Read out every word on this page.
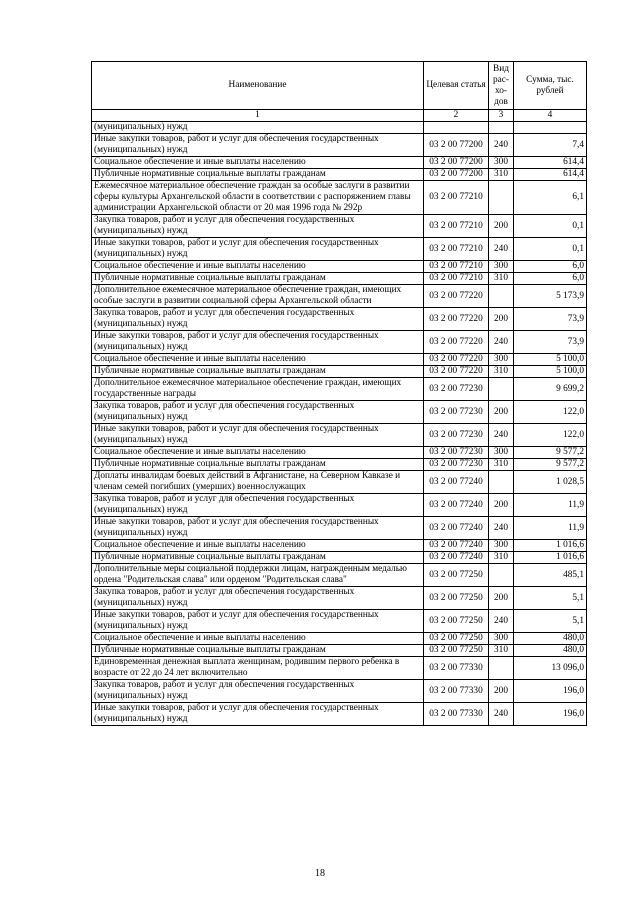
Наименование	Целевая статья	Вид рас-хо-дов	Сумма, тыс. рублей
1	2	3	4
(муниципальных) нужд			
Иные закупки товаров, работ и услуг для обеспечения государственных (муниципальных) нужд	03 2 00 77200	240	7,4
Социальное обеспечение и иные выплаты населению	03 2 00 77200	300	614,4
Публичные нормативные социальные выплаты гражданам	03 2 00 77200	310	614,4
Ежемесячное материальное обеспечение граждан за особые заслуги в развитии сферы культуры Архангельской области в соответствии с распоряжением главы администрации Архангельской области от 20 мая 1996 года № 292р	03 2 00 77210		6,1
Закупка товаров, работ и услуг для обеспечения государственных (муниципальных) нужд	03 2 00 77210	200	0,1
Иные закупки товаров, работ и услуг для обеспечения государственных (муниципальных) нужд	03 2 00 77210	240	0,1
Социальное обеспечение и иные выплаты населению	03 2 00 77210	300	6,0
Публичные нормативные социальные выплаты гражданам	03 2 00 77210	310	6,0
Дополнительное ежемесячное материальное обеспечение граждан, имеющих особые заслуги в развитии социальной сферы Архангельской области	03 2 00 77220		5 173,9
Закупка товаров, работ и услуг для обеспечения государственных (муниципальных) нужд	03 2 00 77220	200	73,9
Иные закупки товаров, работ и услуг для обеспечения государственных (муниципальных) нужд	03 2 00 77220	240	73,9
Социальное обеспечение и иные выплаты населению	03 2 00 77220	300	5 100,0
Публичные нормативные социальные выплаты гражданам	03 2 00 77220	310	5 100,0
Дополнительное ежемесячное материальное обеспечение граждан, имеющих государственные награды	03 2 00 77230		9 699,2
Закупка товаров, работ и услуг для обеспечения государственных (муниципальных) нужд	03 2 00 77230	200	122,0
Иные закупки товаров, работ и услуг для обеспечения государственных (муниципальных) нужд	03 2 00 77230	240	122,0
Социальное обеспечение и иные выплаты населению	03 2 00 77230	300	9 577,2
Публичные нормативные социальные выплаты гражданам	03 2 00 77230	310	9 577,2
Доплаты инвалидам боевых действий в Афганистане, на Северном Кавказе и членам семей погибших (умерших) военнослужащих	03 2 00 77240		1 028,5
Закупка товаров, работ и услуг для обеспечения государственных (муниципальных) нужд	03 2 00 77240	200	11,9
Иные закупки товаров, работ и услуг для обеспечения государственных (муниципальных) нужд	03 2 00 77240	240	11,9
Социальное обеспечение и иные выплаты населению	03 2 00 77240	300	1 016,6
Публичные нормативные социальные выплаты гражданам	03 2 00 77240	310	1 016,6
Дополнительные меры социальной поддержки лицам, награжденным медалью ордена "Родительская слава" или орденом "Родительская слава"	03 2 00 77250		485,1
Закупка товаров, работ и услуг для обеспечения государственных (муниципальных) нужд	03 2 00 77250	200	5,1
Иные закупки товаров, работ и услуг для обеспечения государственных (муниципальных) нужд	03 2 00 77250	240	5,1
Социальное обеспечение и иные выплаты населению	03 2 00 77250	300	480,0
Публичные нормативные социальные выплаты гражданам	03 2 00 77250	310	480,0
Единовременная денежная выплата женщинам, родившим первого ребенка в возрасте от 22 до 24 лет включительно	03 2 00 77330		13 096,0
Закупка товаров, работ и услуг для обеспечения государственных (муниципальных) нужд	03 2 00 77330	200	196,0
Иные закупки товаров, работ и услуг для обеспечения государственных (муниципальных) нужд	03 2 00 77330	240	196,0
18
